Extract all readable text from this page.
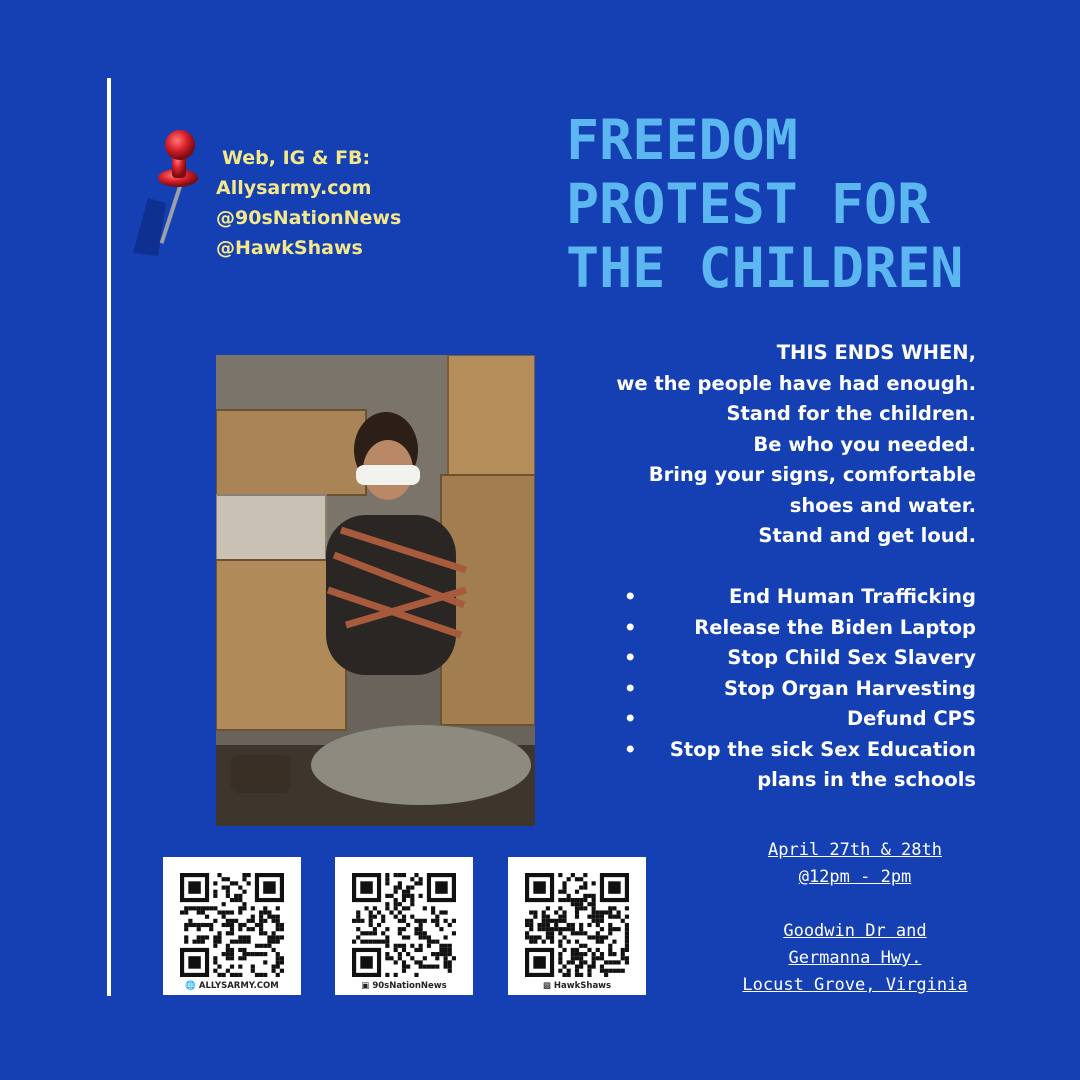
Web, IG & FB:
Allysarmy.com
@90sNationNews
@HawkShaws
FREEDOM
PROTEST FOR
THE CHILDREN
THIS ENDS WHEN,
we the people have had enough.
Stand for the children.
Be who you needed.
Bring your signs, comfortable
shoes and water.
Stand and get loud.
•	End Human Trafficking
•	Release the Biden Laptop
•	Stop Child Sex Slavery
•	Stop Organ Harvesting
•	Defund CPS
• Stop the sick Sex Education
plans in the schools
April 27th & 28th
@12pm - 2pm
Goodwin Dr and
Germanna Hwy.
Locust Grove, Virginia
🌐 ALLYSARMY.COM	▣ 90sNationNews	▩ HawkShaws
